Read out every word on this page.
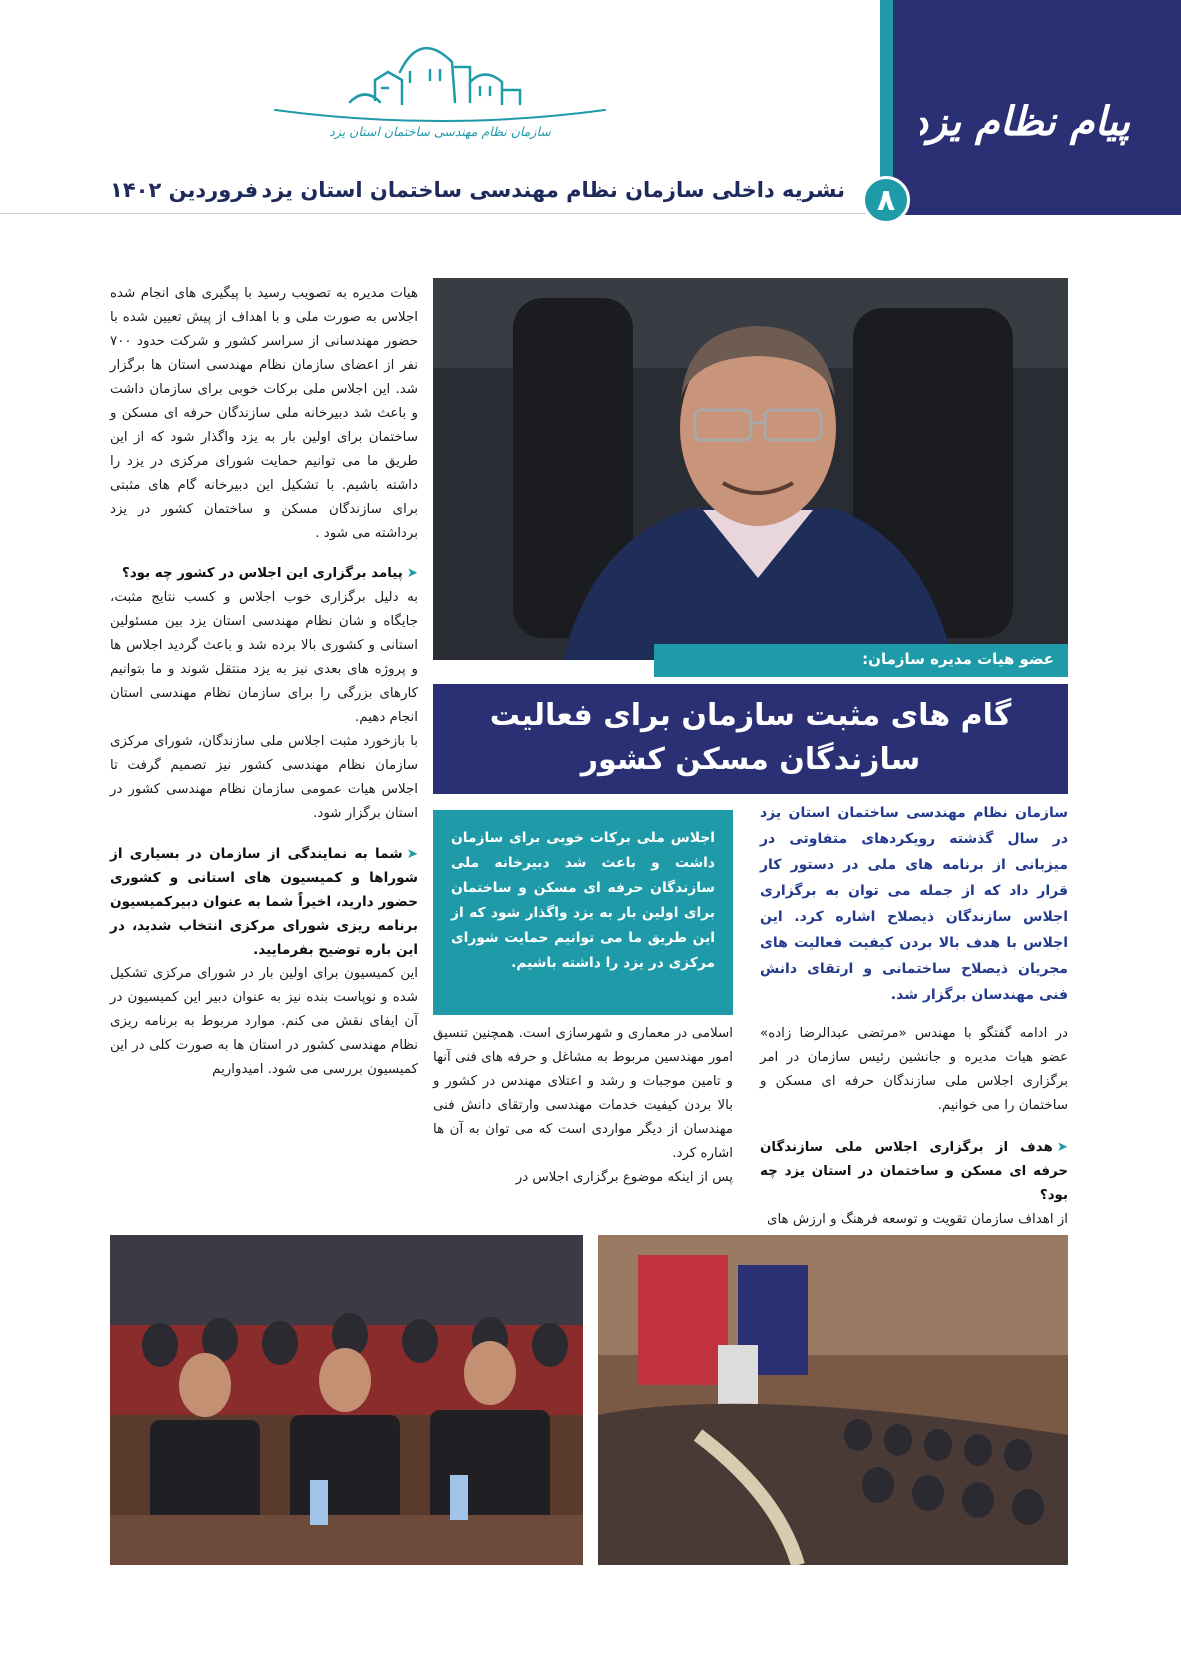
پیام نظام یزد
سازمان نظام مهندسی ساختمان استان یزد
۸
نشریه داخلی سازمان نظام مهندسی ساختمان استان یزد
فروردین ۱۴۰۲

هیات مدیره به تصویب رسید با پیگیری های انجام شده اجلاس به صورت ملی و با اهداف از پیش تعیین شده با حضور مهندسانی از سراسر کشور و شرکت حدود ۷۰۰ نفر از اعضای سازمان نظام مهندسی استان ها برگزار شد. این اجلاس ملی برکات خوبی برای سازمان داشت و باعث شد دبیرخانه ملی سازندگان حرفه ای مسکن و ساختمان برای اولین بار به یزد واگذار شود که از این طریق ما می توانیم حمایت شورای مرکزی در یزد را داشته باشیم. با تشکیل این دبیرخانه گام های مثبتی برای سازندگان مسکن و ساختمان کشور در یزد برداشته می شود .

➤ پیامد برگزاری این اجلاس در کشور چه بود؟

به دلیل برگزاری خوب اجلاس و کسب نتایج مثبت، جایگاه و شان نظام مهندسی استان یزد بین مسئولین استانی و کشوری بالا برده شد و باعث گردید اجلاس ها و پروژه های بعدی نیز به یزد منتقل شوند و ما بتوانیم کارهای بزرگی را برای سازمان نظام مهندسی استان انجام دهیم.

با بازخورد مثبت اجلاس ملی سازندگان، شورای مرکزی سازمان نظام مهندسی کشور نیز تصمیم گرفت تا اجلاس هیات عمومی سازمان نظام مهندسی کشور در استان برگزار شود.

➤ شما به نمایندگی از سازمان در بسیاری از شوراها و کمیسیون های استانی و کشوری حضور دارید، اخیراً شما به عنوان دبیرکمیسیون برنامه ریزی شورای مرکزی انتخاب شدید، در این باره توضیح بفرمایید.

این کمیسیون برای اولین بار در شورای مرکزی تشکیل شده و نوپاست بنده نیز به عنوان دبیر این کمیسیون در آن ایفای نقش می کنم. موارد مربوط به برنامه ریزی نظام مهندسی کشور در استان ها به صورت کلی در این کمیسیون بررسی می شود. امیدواریم

عضو هیات مدیره سازمان:
گام های مثبت سازمان برای فعالیت
سازندگان مسکن کشور
سازمان نظام مهندسی ساختمان استان یزد در سال گذشته رویکردهای متفاوتی در میزبانی از برنامه های ملی در دستور کار قرار داد که از جمله می توان به برگزاری اجلاس سازندگان ذیصلاح اشاره کرد. این اجلاس با هدف بالا بردن کیفیت فعالیت های مجریان ذیصلاح ساختمانی و ارتقای دانش فنی مهندسان برگزار شد.
اجلاس ملی برکات خوبی برای سازمان داشت و باعث شد دبیرخانه ملی سازندگان حرفه ای مسکن و ساختمان برای اولین بار به یزد واگذار شود که از این طریق ما می توانیم حمایت شورای مرکزی در یزد را داشته باشیم.

در ادامه گفتگو با مهندس «مرتضی عبدالرضا زاده» عضو هیات مدیره و جانشین رئیس سازمان در امر برگزاری اجلاس ملی سازندگان حرفه ای مسکن و ساختمان را می خوانیم.

➤ هدف از برگزاری اجلاس ملی سازندگان حرفه ای مسکن و ساختمان در استان یزد چه بود؟

از اهداف سازمان تقویت و توسعه فرهنگ و ارزش های

اسلامی در معماری و شهرسازی است. همچنین تنسیق امور مهندسین مربوط به مشاغل و حرفه های فنی آنها و تامین موجبات و رشد و اعتلای مهندس در کشور و بالا بردن کیفیت خدمات مهندسی وارتقای دانش فنی مهندسان از دیگر مواردی است که می توان به آن ها اشاره کرد.

پس از اینکه موضوع برگزاری اجلاس در
